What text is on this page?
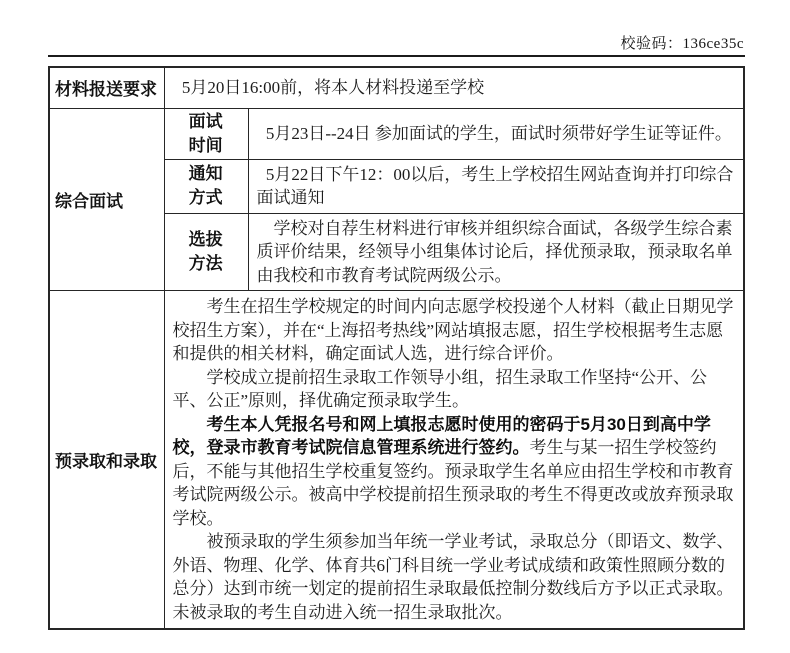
校验码：136ce35c
材料报送要求	5月20日16:00前，将本人材料投递至学校	
综合面试	面试时间	5月23日--24日 参加面试的学生，面试时须带好学生证等证件。
	通知方式	5月22日下午12：00以后，考生上学校招生网站查询并打印综合面试通知
	选拔方法	学校对自荐生材料进行审核并组织综合面试，各级学生综合素质评价结果，经领导小组集体讨论后，择优预录取，预录取名单由我校和市教育考试院两级公示。
预录取和录取	考生在招生学校规定的时间内向志愿学校投递个人材料（截止日期见学校招生方案），并在“上海招考热线”网站填报志愿，招生学校根据考生志愿和提供的相关材料，确定面试人选，进行综合评价。

学校成立提前招生录取工作领导小组，招生录取工作坚持“公开、公平、公正”原则，择优确定预录取学生。

考生本人凭报名号和网上填报志愿时使用的密码于5月30日到高中学校，登录市教育考试院信息管理系统进行签约。考生与某一招生学校签约后，不能与其他招生学校重复签约。预录取学生名单应由招生学校和市教育考试院两级公示。被高中学校提前招生预录取的考生不得更改或放弃预录取学校。

被预录取的学生须参加当年统一学业考试，录取总分（即语文、数学、外语、物理、化学、体育共6门科目统一学业考试成绩和政策性照顾分数的总分）达到市统一划定的提前招生录取最低控制分数线后方予以正式录取。未被录取的考生自动进入统一招生录取批次。	
